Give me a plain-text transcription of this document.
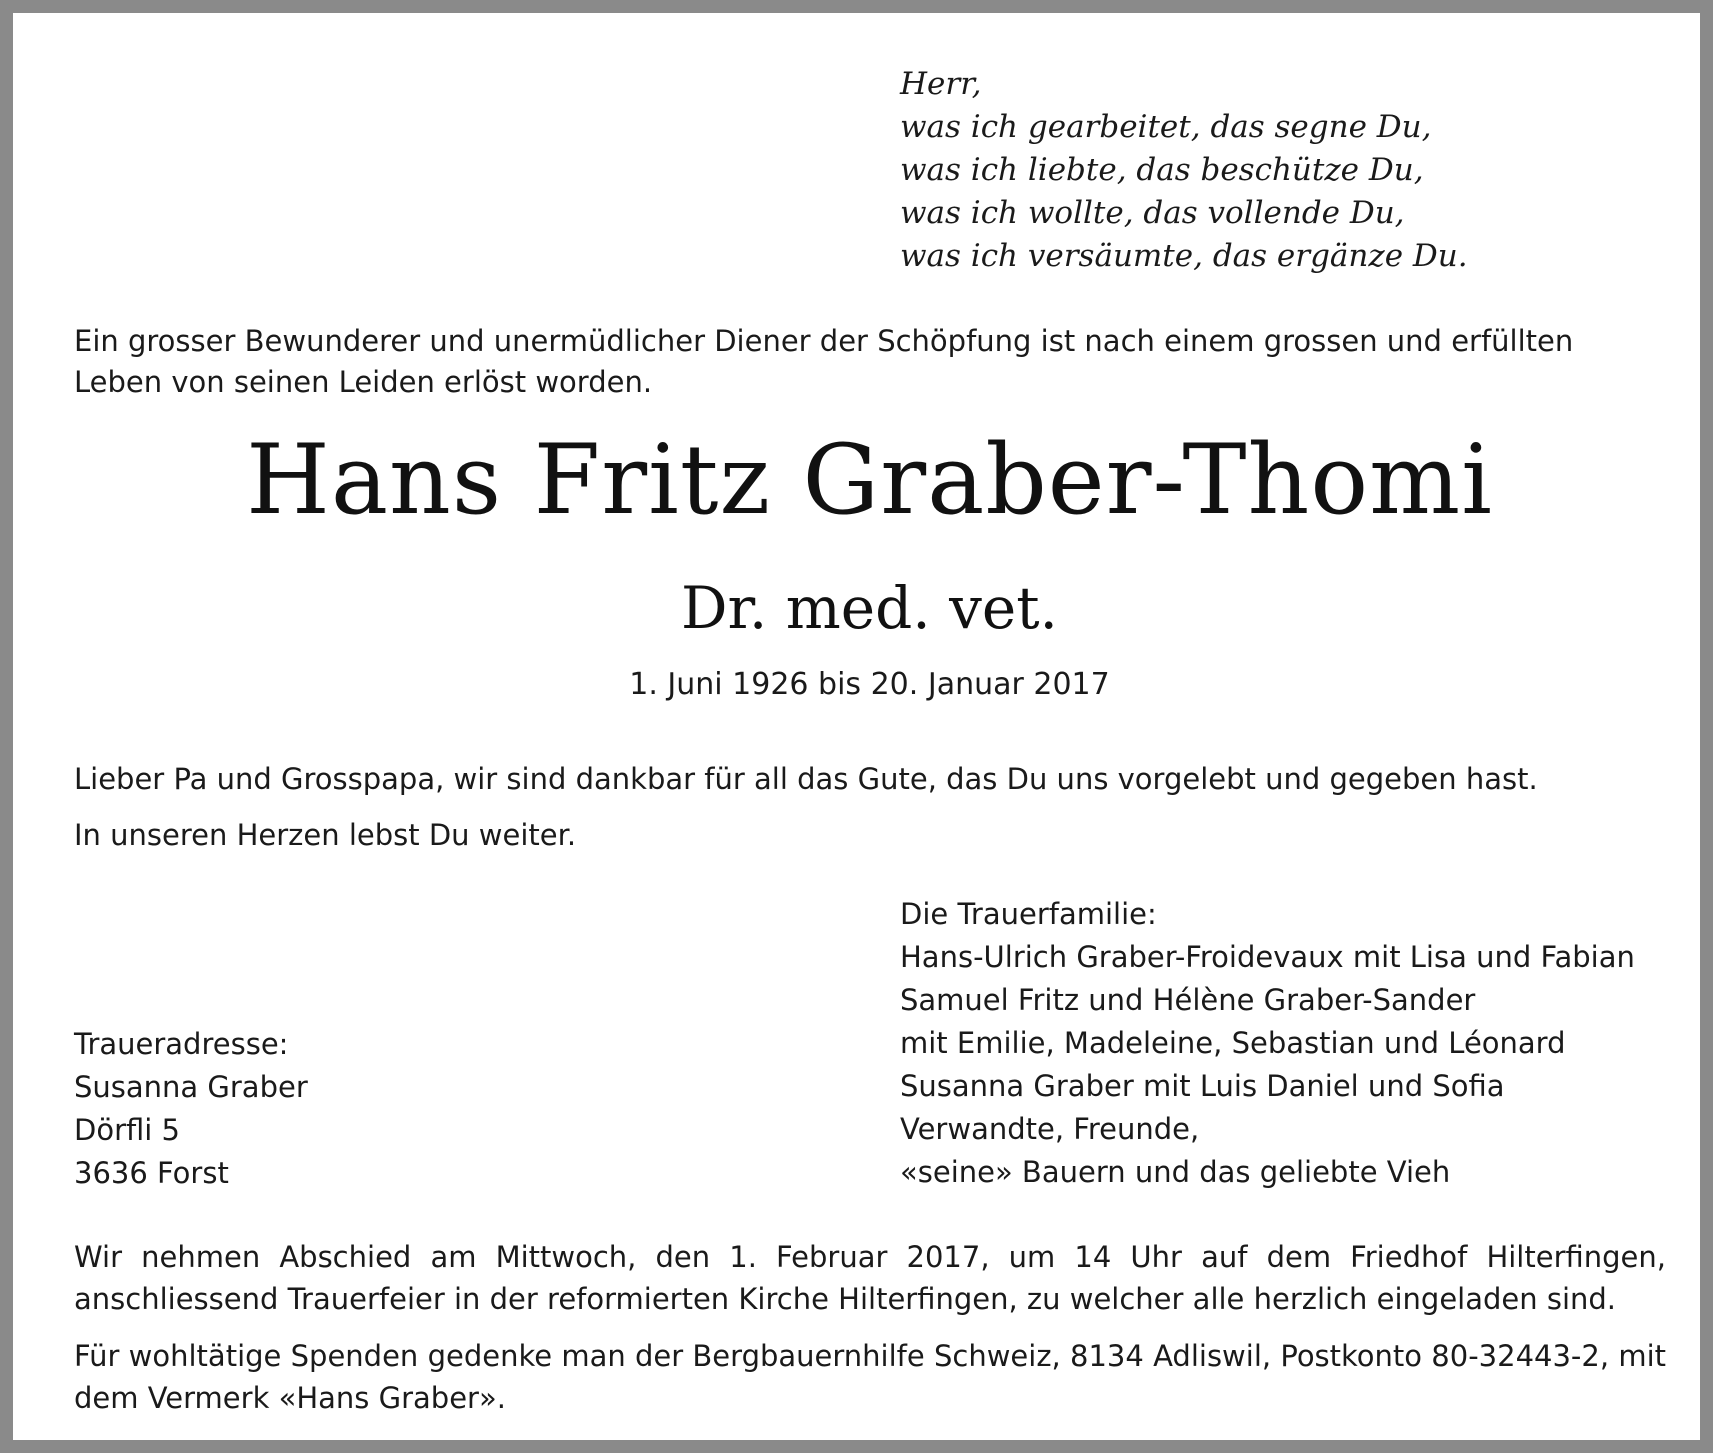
Herr,
was ich gearbeitet, das segne Du,
was ich liebte, das beschütze Du,
was ich wollte, das vollende Du,
was ich versäumte, das ergänze Du.
Ein grosser Bewunderer und unermüdlicher Diener der Schöpfung ist nach einem grossen und erfüllten Leben von seinen Leiden erlöst worden.
Hans Fritz Graber-Thomi
Dr. med. vet.
1. Juni 1926 bis 20. Januar 2017
Lieber Pa und Grosspapa, wir sind dankbar für all das Gute, das Du uns vorgelebt und gegeben hast.
In unseren Herzen lebst Du weiter.
Traueradresse:
Susanna Graber
Dörfli 5
3636 Forst
Die Trauerfamilie:
Hans-Ulrich Graber-Froidevaux mit Lisa und Fabian
Samuel Fritz und Hélène Graber-Sander
mit Emilie, Madeleine, Sebastian und Léonard
Susanna Graber mit Luis Daniel und Sofia
Verwandte, Freunde,
«seine» Bauern und das geliebte Vieh
Wir nehmen Abschied am Mittwoch, den 1. Februar 2017, um 14 Uhr auf dem Friedhof Hilterfingen, anschliessend Trauerfeier in der reformierten Kirche Hilterfingen, zu welcher alle herzlich eingeladen sind.
Für wohltätige Spenden gedenke man der Bergbauernhilfe Schweiz, 8134 Adliswil, Postkonto 80-32443-2, mit dem Vermerk «Hans Graber».
